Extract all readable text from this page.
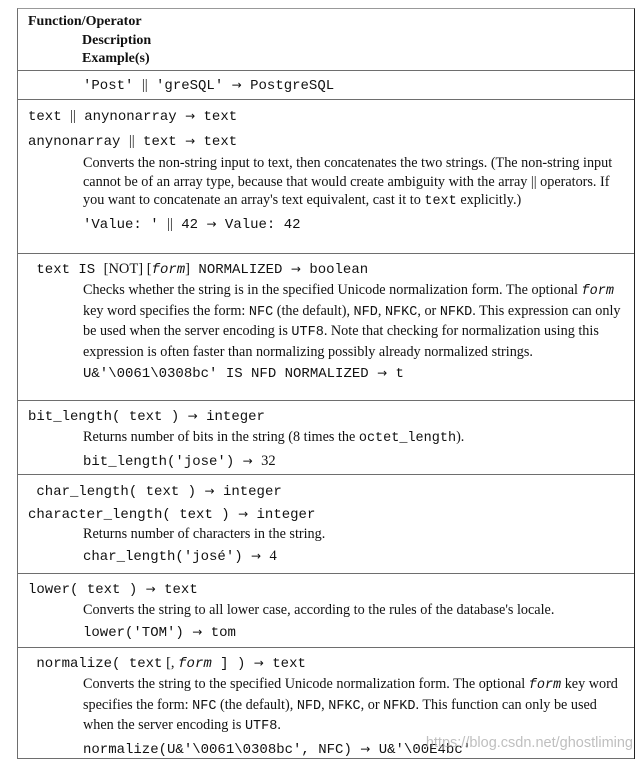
Function/Operator
Description
Example(s)
'Post' || 'greSQL' → PostgreSQL
text || anynonarray → text
anynonarray || text → text
Converts the non-string input to text, then concatenates the two strings. (The non-string input cannot be of an array type, because that would create ambiguity with the array || operators. If you want to concatenate an array's text equivalent, cast it to text explicitly.)
'Value: ' || 42 → Value: 42
text IS [NOT] [form] NORMALIZED → boolean
Checks whether the string is in the specified Unicode normalization form. The optional form key word specifies the form: NFC (the default), NFD, NFKC, or NFKD. This expression can only be used when the server encoding is UTF8. Note that checking for normalization using this expression is often faster than normalizing possibly already normalized strings.
U&'\0061\0308bc' IS NFD NORMALIZED → t
bit_length( text ) → integer
Returns number of bits in the string (8 times the octet_length).
bit_length('jose') → 32
char_length( text ) → integer
character_length( text ) → integer
Returns number of characters in the string.
char_length('josé') → 4
lower( text ) → text
Converts the string to all lower case, according to the rules of the database's locale.
lower('TOM') → tom
normalize( text [, form ] ) → text
Converts the string to the specified Unicode normalization form. The optional form key word specifies the form: NFC (the default), NFD, NFKC, or NFKD. This function can only be used when the server encoding is UTF8.
normalize(U&'\0061\0308bc', NFC) → U&'\00E4bc'
https://blog.csdn.net/ghostliming
